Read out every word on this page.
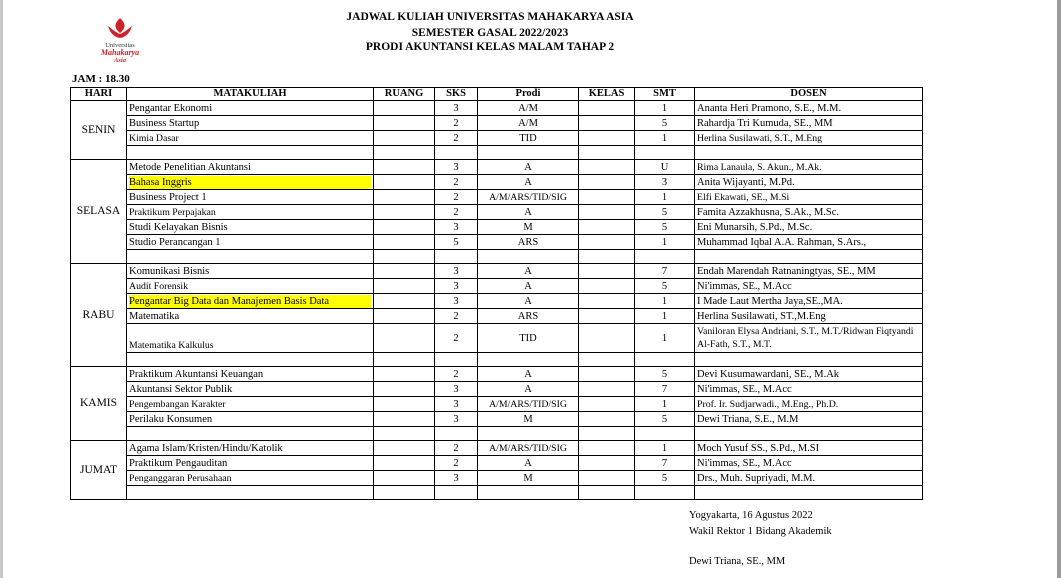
Universitas
Mahakarya
Asia
JADWAL KULIAH UNIVERSITAS MAHAKARYA ASIA
SEMESTER GASAL 2022/2023
PRODI AKUNTANSI KELAS MALAM TAHAP 2
JAM : 18.30
HARI	MATAKULIAH	RUANG	SKS	Prodi	KELAS	SMT	DOSEN
SENIN	Pengantar Ekonomi		3	A/M		1	Ananta Heri Pramono, S.E., M.M.
	Business Startup		2	A/M		5	Rahardja Tri Kumuda, SE., MM
	Kimia Dasar		2	TID		1	Herlina Susilawati, S.T., M.Eng

SELASA	Metode Penelitian Akuntansi		3	A		U	Rima Lanaula, S. Akun., M.Ak.

	Bahasa Inggris		2	A		3	Anita Wijayanti, M.Pd.
	Business Project 1		2	A/M/ARS/TID/SIG		1	Elfi Ekawati, SE., M.Si
	Praktikum Perpajakan		2	A		5	Famita Azzakhusna, S.Ak., M.Sc.
	Studi Kelayakan Bisnis		3	M		5	Eni Munarsih, S.Pd., M.Sc.
	Studio Perancangan 1		5	ARS		1	Muhammad Iqbal A.A. Rahman, S.Ars.,

RABU	Komunikasi Bisnis		3	A		7	Endah Marendah Ratnaningtyas, SE., MM
	Audit Forensik		3	A		5	Ni'immas, SE., M.Acc

	Pengantar Big Data dan Manajemen Basis Data		3	A		1	I Made Laut Mertha Jaya,SE.,MA.
	Matematika		2	ARS		1	Herlina Susilawati, ST.,M.Eng
	Matematika Kalkulus		2	TID		1	Vaniloran Elysa Andriani, S.T., M.T./Ridwan Fiqtyandi Al-Fath, S.T., M.T.

KAMIS	Praktikum Akuntansi Keuangan		2	A		5	Devi Kusumawardani, SE., M.Ak
	Akuntansi Sektor Publik		3	A		7	Ni'immas, SE., M.Acc
	Pengembangan Karakter		3	A/M/ARS/TID/SIG		1	Prof. Ir. Sudjarwadi., M.Eng., Ph.D.
	Perilaku Konsumen		3	M		5	Dewi Triana, S.E., M.M

JUMAT	Agama Islam/Kristen/Hindu/Katolik		2	A/M/ARS/TID/SIG		1	Moch Yusuf SS., S.Pd., M.SI
	Praktikum Pengauditan		2	A		7	Ni'immas, SE., M.Acc
	Penganggaran Perusahaan		3	M		5	Drs., Muh. Supriyadi, M.M.

Yogyakarta, 16 Agustus 2022
Wakil Rektor 1 Bidang Akademik
Dewi Triana, SE., MM
